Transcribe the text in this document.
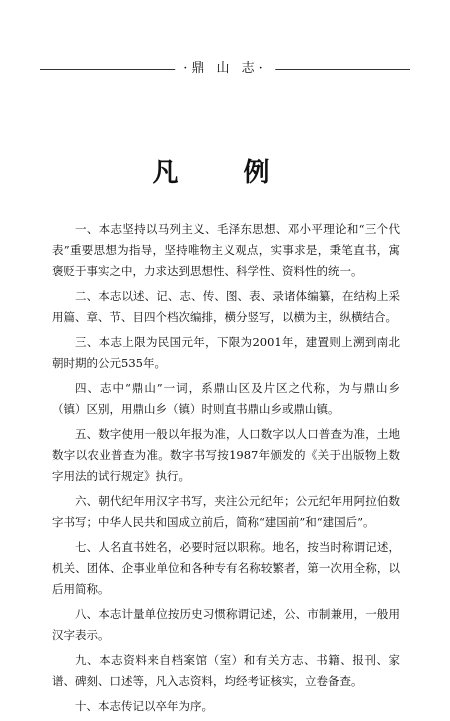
·鼎 山 志·
凡 例

一、本志坚持以马列主义、毛泽东思想、邓小平理论和“三个代表”重要思想为指导，坚持唯物主义观点，实事求是，秉笔直书，寓褒贬于事实之中，力求达到思想性、科学性、资料性的统一。

二、本志以述、记、志、传、图、表、录诸体编纂，在结构上采用篇、章、节、目四个档次编排，横分竖写，以横为主，纵横结合。

三、本志上限为民国元年，下限为2001年，建置则上溯到南北朝时期的公元535年。

四、志中“鼎山”一词，系鼎山区及片区之代称，为与鼎山乡（镇）区别，用鼎山乡（镇）时则直书鼎山乡或鼎山镇。

五、数字使用一般以年报为准，人口数字以人口普查为准，土地数字以农业普查为准。数字书写按1987年颁发的《关于出版物上数字用法的试行规定》执行。

六、朝代纪年用汉字书写，夹注公元纪年；公元纪年用阿拉伯数字书写；中华人民共和国成立前后，简称“建国前”和“建国后”。

七、人名直书姓名，必要时冠以职称。地名，按当时称谓记述，机关、团体、企事业单位和各种专有名称较繁者，第一次用全称，以后用简称。

八、本志计量单位按历史习惯称谓记述，公、市制兼用，一般用汉字表示。

九、本志资料来自档案馆（室）和有关方志、书籍、报刊、家谱、碑刻、口述等，凡入志资料，均经考证核实，立卷备查。

十、本志传记以卒年为序。
